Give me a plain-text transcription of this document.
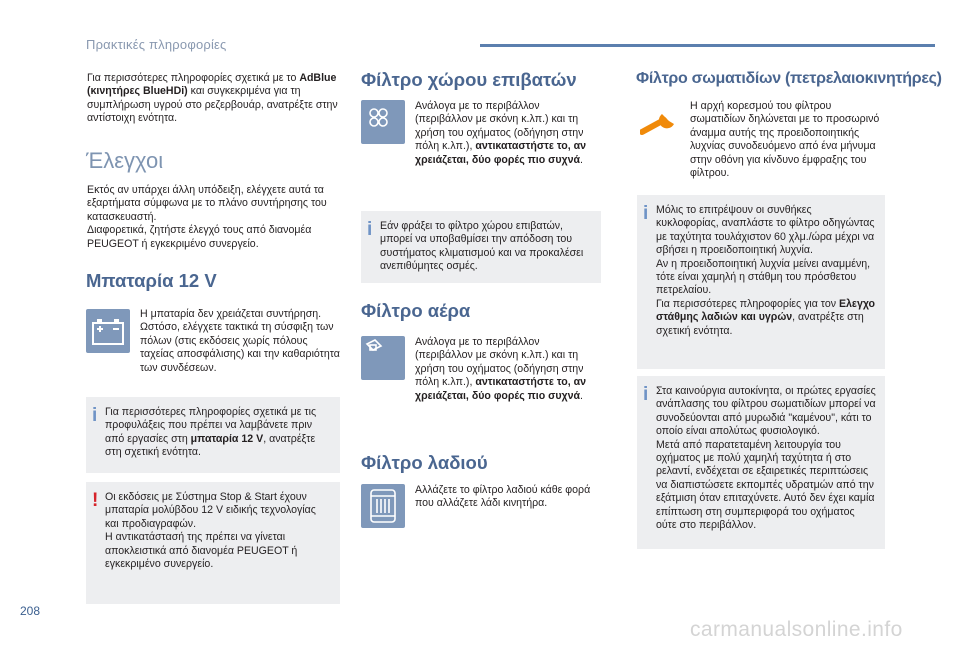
Πρακτικές πληροφορίες
Για περισσότερες πληροφορίες σχετικά με το AdBlue (κινητήρες BlueHDi) και συγκεκριμένα για τη συμπλήρωση υγρού στο ρεζερβουάρ, ανατρέξτε στην αντίστοιχη ενότητα.
Έλεγχοι
Εκτός αν υπάρχει άλλη υπόδειξη, ελέγχετε αυτά τα εξαρτήματα σύμφωνα με το πλάνο συντήρησης του κατασκευαστή.
Διαφορετικά, ζητήστε έλεγχό τους από διανομέα PEUGEOT ή εγκεκριμένο συνεργείο.
Μπαταρία 12 V
Η μπαταρία δεν χρειάζεται συντήρηση.
Ωστόσο, ελέγχετε τακτικά τη σύσφιξη των πόλων (στις εκδόσεις χωρίς πόλους ταχείας αποσφάλισης) και την καθαριότητα των συνδέσεων.
i Για περισσότερες πληροφορίες σχετικά με τις προφυλάξεις που πρέπει να λαμβάνετε πριν από εργασίες στη μπαταρία 12 V, ανατρέξτε στη σχετική ενότητα.
! Οι εκδόσεις με Σύστημα Stop & Start έχουν μπαταρία μολύβδου 12 V ειδικής τεχνολογίας και προδιαγραφών.
Η αντικατάστασή της πρέπει να γίνεται αποκλειστικά από διανομέα PEUGEOT ή εγκεκριμένο συνεργείο.
Φίλτρο χώρου επιβατών
Ανάλογα με το περιβάλλον (περιβάλλον με σκόνη κ.λπ.) και τη χρήση του οχήματος (οδήγηση στην πόλη κ.λπ.), αντικαταστήστε το, αν χρειάζεται, δύο φορές πιο συχνά.
i Εάν φράξει το φίλτρο χώρου επιβατών, μπορεί να υποβαθμίσει την απόδοση του συστήματος κλιματισμού και να προκαλέσει ανεπιθύμητες οσμές.
Φίλτρο αέρα
Ανάλογα με το περιβάλλον (περιβάλλον με σκόνη κ.λπ.) και τη χρήση του οχήματος (οδήγηση στην πόλη κ.λπ.), αντικαταστήστε το, αν χρειάζεται, δύο φορές πιο συχνά.
Φίλτρο λαδιού
Αλλάζετε το φίλτρο λαδιού κάθε φορά που αλλάζετε λάδι κινητήρα.
Φίλτρο σωματιδίων (πετρελαιοκινητήρες)
Η αρχή κορεσμού του φίλτρου σωματιδίων δηλώνεται με το προσωρινό άναμμα αυτής της προειδοποιητικής λυχνίας συνοδευόμενο από ένα μήνυμα στην οθόνη για κίνδυνο έμφραξης του φίλτρου.
i Μόλις το επιτρέψουν οι συνθήκες κυκλοφορίας, αναπλάστε το φίλτρο οδηγώντας με ταχύτητα τουλάχιστον 60 χλμ./ώρα μέχρι να σβήσει η προειδοποιητική λυχνία.
Αν η προειδοποιητική λυχνία μείνει αναμμένη, τότε είναι χαμηλή η στάθμη του πρόσθετου πετρελαίου.
Για περισσότερες πληροφορίες για τον Ελεγχο στάθμης λαδιών και υγρών, ανατρέξτε στη σχετική ενότητα.
i Στα καινούργια αυτοκίνητα, οι πρώτες εργασίες ανάπλασης του φίλτρου σωματιδίων μπορεί να συνοδεύονται από μυρωδιά "καμένου", κάτι το οποίο είναι απολύτως φυσιολογικό.
Μετά από παρατεταμένη λειτουργία του οχήματος με πολύ χαμηλή ταχύτητα ή στο ρελαντί, ενδέχεται σε εξαιρετικές περιπτώσεις να διαπιστώσετε εκπομπές υδρατμών από την εξάτμιση όταν επιταχύνετε. Αυτό δεν έχει καμία επίπτωση στη συμπεριφορά του οχήματος ούτε στο περιβάλλον.
208
carmanualsonline.info
